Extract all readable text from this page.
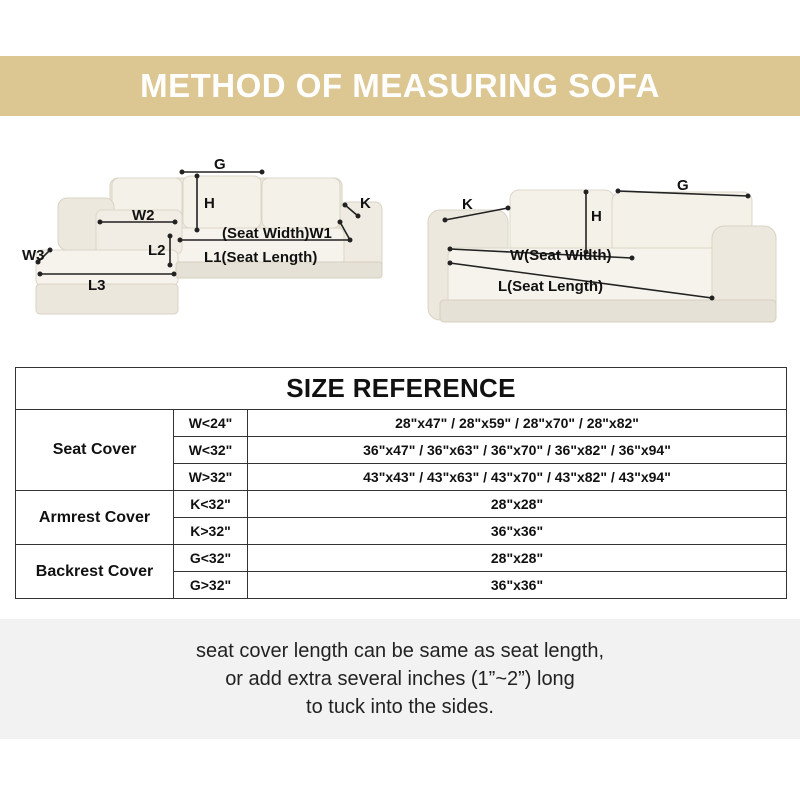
METHOD OF MEASURING SOFA
G
H	K
W2
(Seat Width)W1
W3	L2	L1(Seat Length)
L3
K
H
G
W(Seat Width)
L(Seat Length)
SIZE REFERENCE		
Seat Cover	W<24"	28"x47" / 28"x59" / 28"x70" / 28"x82"
	W<32"	36"x47" / 36"x63" / 36"x70" / 36"x82" / 36"x94"
	W>32"	43"x43" / 43"x63" / 43"x70" / 43"x82" / 43"x94"
Armrest Cover	K<32"	28"x28"
	K>32"	36"x36"
Backrest Cover	G<32"	28"x28"
	G>32"	36"x36"
seat cover length can be same as seat length,
or add extra several inches (1”~2”) long
to tuck into the sides.
